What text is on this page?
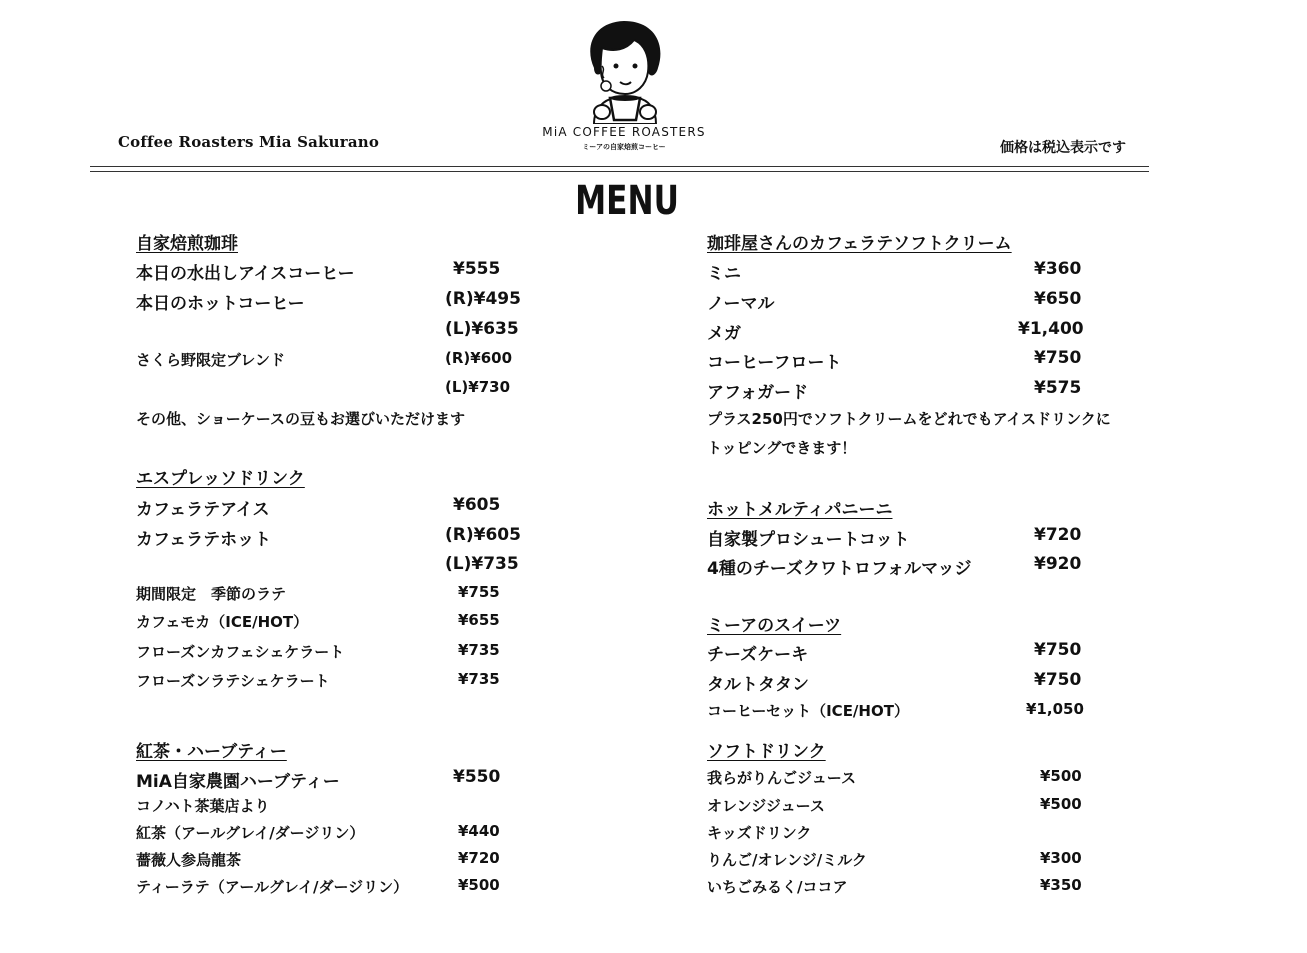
Coffee Roasters Mia Sakurano
MiA COFFEE ROASTERS
ミーアの自家焙煎コーヒー	価格は税込表示です
MENU
自家焙煎珈琲
本日の水出しアイスコーヒー	¥555
本日のホットコーヒー	(R)¥495
(L)¥635
さくら野限定ブレンド	(R)¥600
(L)¥730
その他、ショーケースの豆もお選びいただけます
エスプレッソドリンク
カフェラテアイス	¥605
カフェラテホット	(R)¥605
(L)¥735
期間限定　季節のラテ	¥755
カフェモカ（ICE/HOT）	¥655
フローズンカフェシェケラート	¥735
フローズンラテシェケラート	¥735
紅茶・ハーブティー
MiA自家農園ハーブティー	¥550
コノハト茶葉店より
紅茶（アールグレイ/ダージリン）	¥440
薔薇人参烏龍茶	¥720
ティーラテ（アールグレイ/ダージリン）	¥500
珈琲屋さんのカフェラテソフトクリーム
ミニ	¥360
ノーマル	¥650
メガ	¥1,400
コーヒーフロート	¥750
アフォガード	¥575
プラス250円でソフトクリームをどれでもアイスドリンクに
トッピングできます！
ホットメルティパニーニ
自家製プロシュートコット	¥720
4種のチーズクワトロフォルマッジ	¥920
ミーアのスイーツ
チーズケーキ	¥750
タルトタタン	¥750
コーヒーセット（ICE/HOT）	¥1,050
ソフトドリンク
我らがりんごジュース	¥500
オレンジジュース	¥500
キッズドリンク
りんご/オレンジ/ミルク	¥300
いちごみるく/ココア	¥350
